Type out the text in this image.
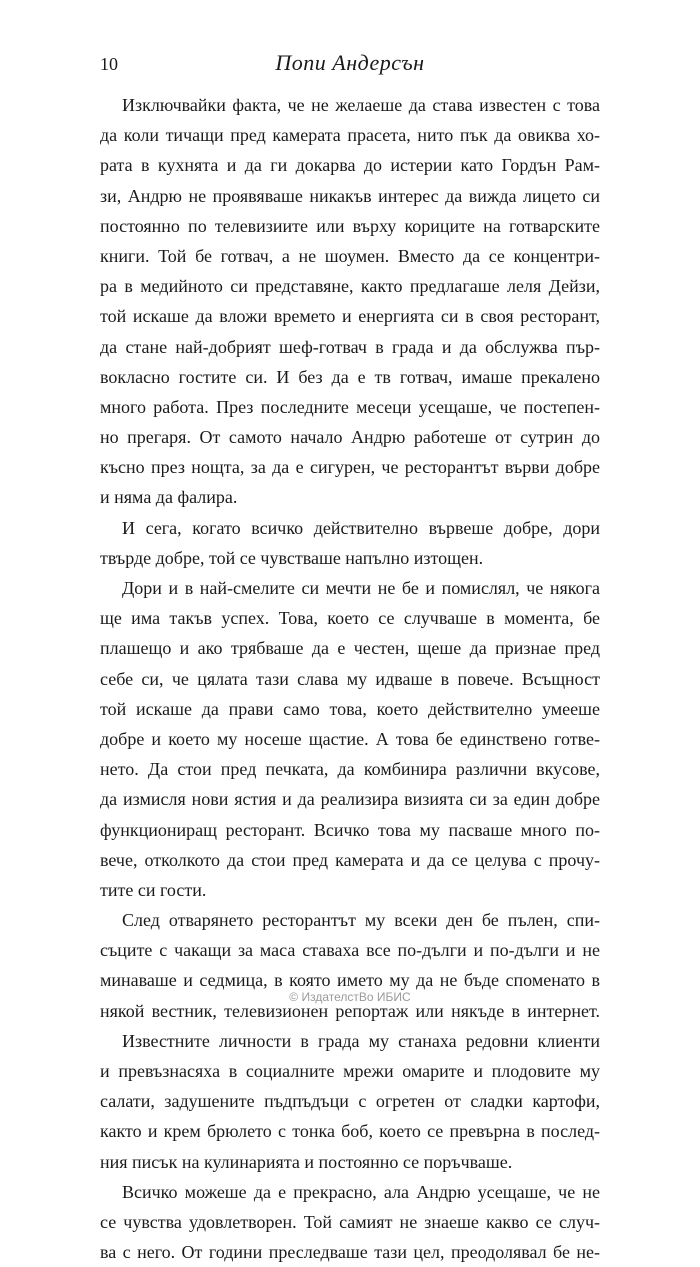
10	Попи Андерсън
Изключвайки факта, че не желаеше да става известен с това
да коли тичащи пред камерата прасета, нито пък да овиква хо-
рата в кухнята и да ги докарва до истерии като Гордън Рам-
зи, Андрю не проявяваше никакъв интерес да вижда лицето си
постоянно по телевизиите или върху кориците на готварските
книги. Той бе готвач, а не шоумен. Вместо да се концентри-
ра в медийното си представяне, както предлагаше леля Дейзи,
той искаше да вложи времето и енергията си в своя ресторант,
да стане най-добрият шеф-готвач в града и да обслужва пър-
вокласно гостите си. И без да е тв готвач, имаше прекалено
много работа. През последните месеци усещаше, че постепен-
но прегаря. От самото начало Андрю работеше от сутрин до
късно през нощта, за да е сигурен, че ресторантът върви добре
и няма да фалира.
И сега, когато всичко действително вървеше добре, дори
твърде добре, той се чувстваше напълно изтощен.
Дори и в най-смелите си мечти не бе и помислял, че някога
ще има такъв успех. Това, което се случваше в момента, бе
плашещо и ако трябваше да е честен, щеше да признае пред
себе си, че цялата тази слава му идваше в повече. Всъщност
той искаше да прави само това, което действително умееше
добре и което му носеше щастие. А това бе единствено готве-
нето. Да стои пред печката, да комбинира различни вкусове,
да измисля нови ястия и да реализира визията си за един добре
функциониращ ресторант. Всичко това му пасваше много по-
вече, отколкото да стои пред камерата и да се целува с прочу-
тите си гости.
След отварянето ресторантът му всеки ден бе пълен, спи-
съците с чакащи за маса ставаха все по-дълги и по-дълги и не
минаваше и седмица, в която името му да не бъде споменато в
някой вестник, телевизионен репортаж или някъде в интернет.
Известните личности в града му станаха редовни клиенти
и превъзнасяха в социалните мрежи омарите и плодовите му
салати, задушените пъдпъдъци с огретен от сладки картофи,
както и крем брюлето с тонка боб, което се превърна в послед-
ния писък на кулинарията и постоянно се поръчваше.
Всичко можеше да е прекрасно, ала Андрю усещаше, че не
се чувства удовлетворен. Той самият не знаеше какво се случ-
ва с него. От години преследваше тази цел, преодолявал бе не-
© ИздателстВо ИБИС
